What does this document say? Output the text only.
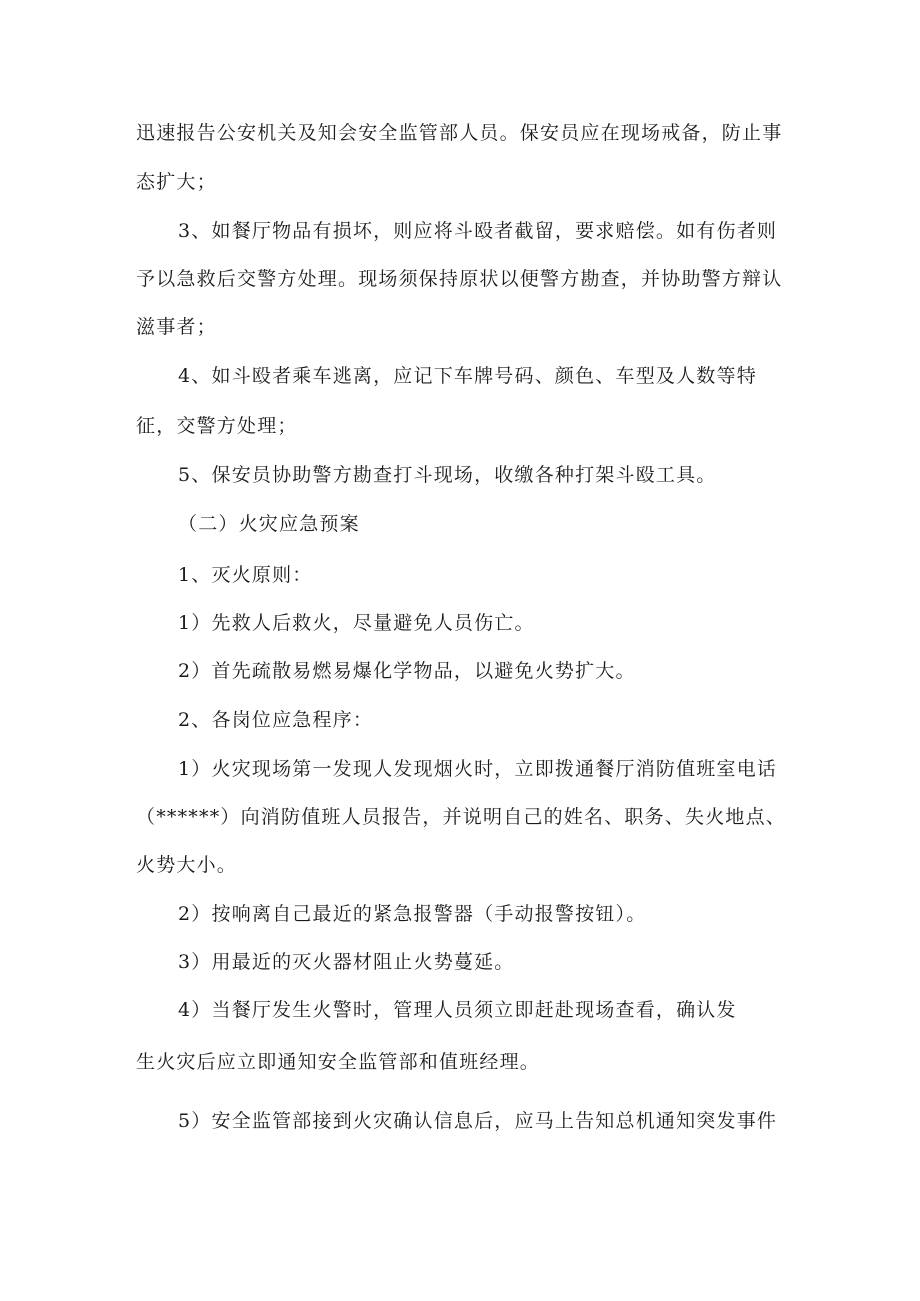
迅速报告公安机关及知会安全监管部人员。保安员应在现场戒备，防止事
态扩大；
3、如餐厅物品有损坏，则应将斗殴者截留，要求赔偿。如有伤者则
予以急救后交警方处理。现场须保持原状以便警方勘查，并协助警方辩认
滋事者；
4、如斗殴者乘车逃离，应记下车牌号码、颜色、车型及人数等特
征，交警方处理；
5、保安员协助警方勘查打斗现场，收缴各种打架斗殴工具。
（二）火灾应急预案
1、灭火原则：
1）先救人后救火，尽量避免人员伤亡。
2）首先疏散易燃易爆化学物品，以避免火势扩大。
2、各岗位应急程序：
1）火灾现场第一发现人发现烟火时，立即拨通餐厅消防值班室电话
（******）向消防值班人员报告，并说明自己的姓名、职务、失火地点、
火势大小。
2）按响离自己最近的紧急报警器（手动报警按钮）。
3）用最近的灭火器材阻止火势蔓延。
4）当餐厅发生火警时，管理人员须立即赶赴现场查看，确认发
生火灾后应立即通知安全监管部和值班经理。
5）安全监管部接到火灾确认信息后，应马上告知总机通知突发事件
